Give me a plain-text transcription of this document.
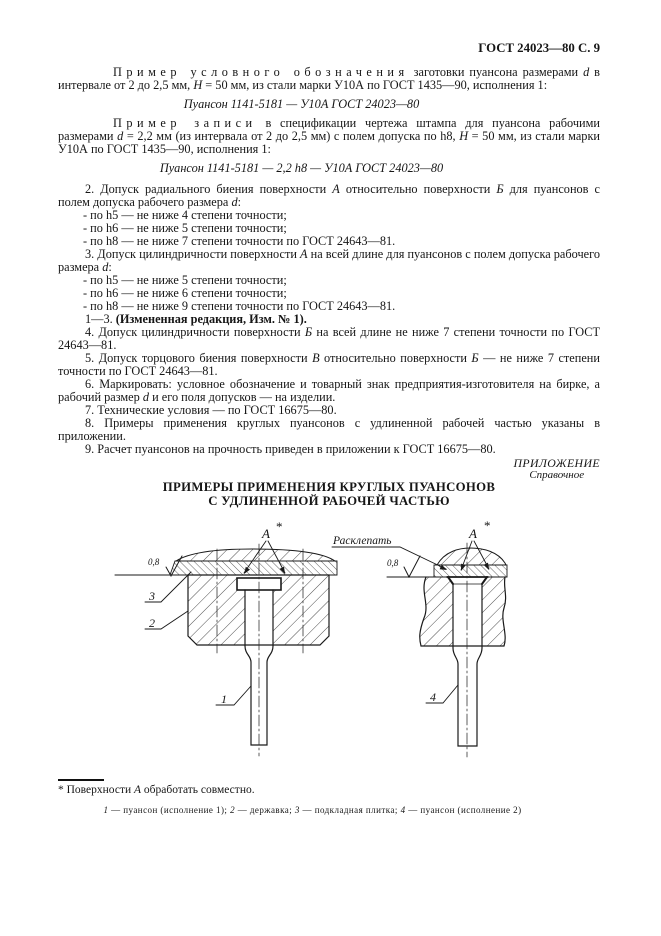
ГОСТ 24023—80 С. 9

Пример условного обозначения заготовки пуансона размерами d в интервале от 2 до 2,5 мм, Н = 50 мм, из стали марки У10А по ГОСТ 1435—90, исполнения 1:

Пуансон 1141-5181 — У10А ГОСТ 24023—80

Пример записи в спецификации чертежа штампа для пуансона рабочими размерами d = 2,2 мм (из интервала от 2 до 2,5 мм) с полем допуска по h8, Н = 50 мм, из стали марки У10А по ГОСТ 1435—90, исполнения 1:

Пуансон 1141-5181 — 2,2 h8 — У10А ГОСТ 24023—80

2. Допуск радиального биения поверхности А относительно поверхности Б для пуансонов с полем допуска рабочего размера d:

- по h5 — не ниже 4 степени точности;

- по h6 — не ниже 5 степени точности;

- по h8 — не ниже 7 степени точности по ГОСТ 24643—81.

3. Допуск цилиндричности поверхности А на всей длине для пуансонов с полем допуска рабочего размера d:

- по h5 — не ниже 5 степени точности;

- по h6 — не ниже 6 степени точности;

- по h8 — не ниже 9 степени точности по ГОСТ 24643—81.

1—3. (Измененная редакция, Изм. № 1).

4. Допуск цилиндричности поверхности Б на всей длине не ниже 7 степени точности по ГОСТ 24643—81.

5. Допуск торцового биения поверхности В относительно поверхности Б — не ниже 7 степени точности по ГОСТ 24643—81.

6. Маркировать: условное обозначение и товарный знак предприятия-изготовителя на бирке, а рабочий размер d и его поля допусков — на изделии.

7. Технические условия — по ГОСТ 16675—80.

8. Примеры применения круглых пуансонов с удлиненной рабочей частью указаны в приложении.

9. Расчет пуансонов на прочность приведен в приложении к ГОСТ 16675—80.

ПРИЛОЖЕНИЕ
Справочное

ПРИМЕРЫ ПРИМЕНЕНИЯ КРУГЛЫХ ПУАНСОНОВ

С УДЛИНЕННОЙ РАБОЧЕЙ ЧАСТЬЮ

А *
0,8
3
2
1
Расклепать	А
*
0,8
4
* Поверхности А обработать совместно.
1 — пуансон (исполнение 1); 2 — державка; 3 — подкладная плитка; 4 — пуансон (исполнение 2)
